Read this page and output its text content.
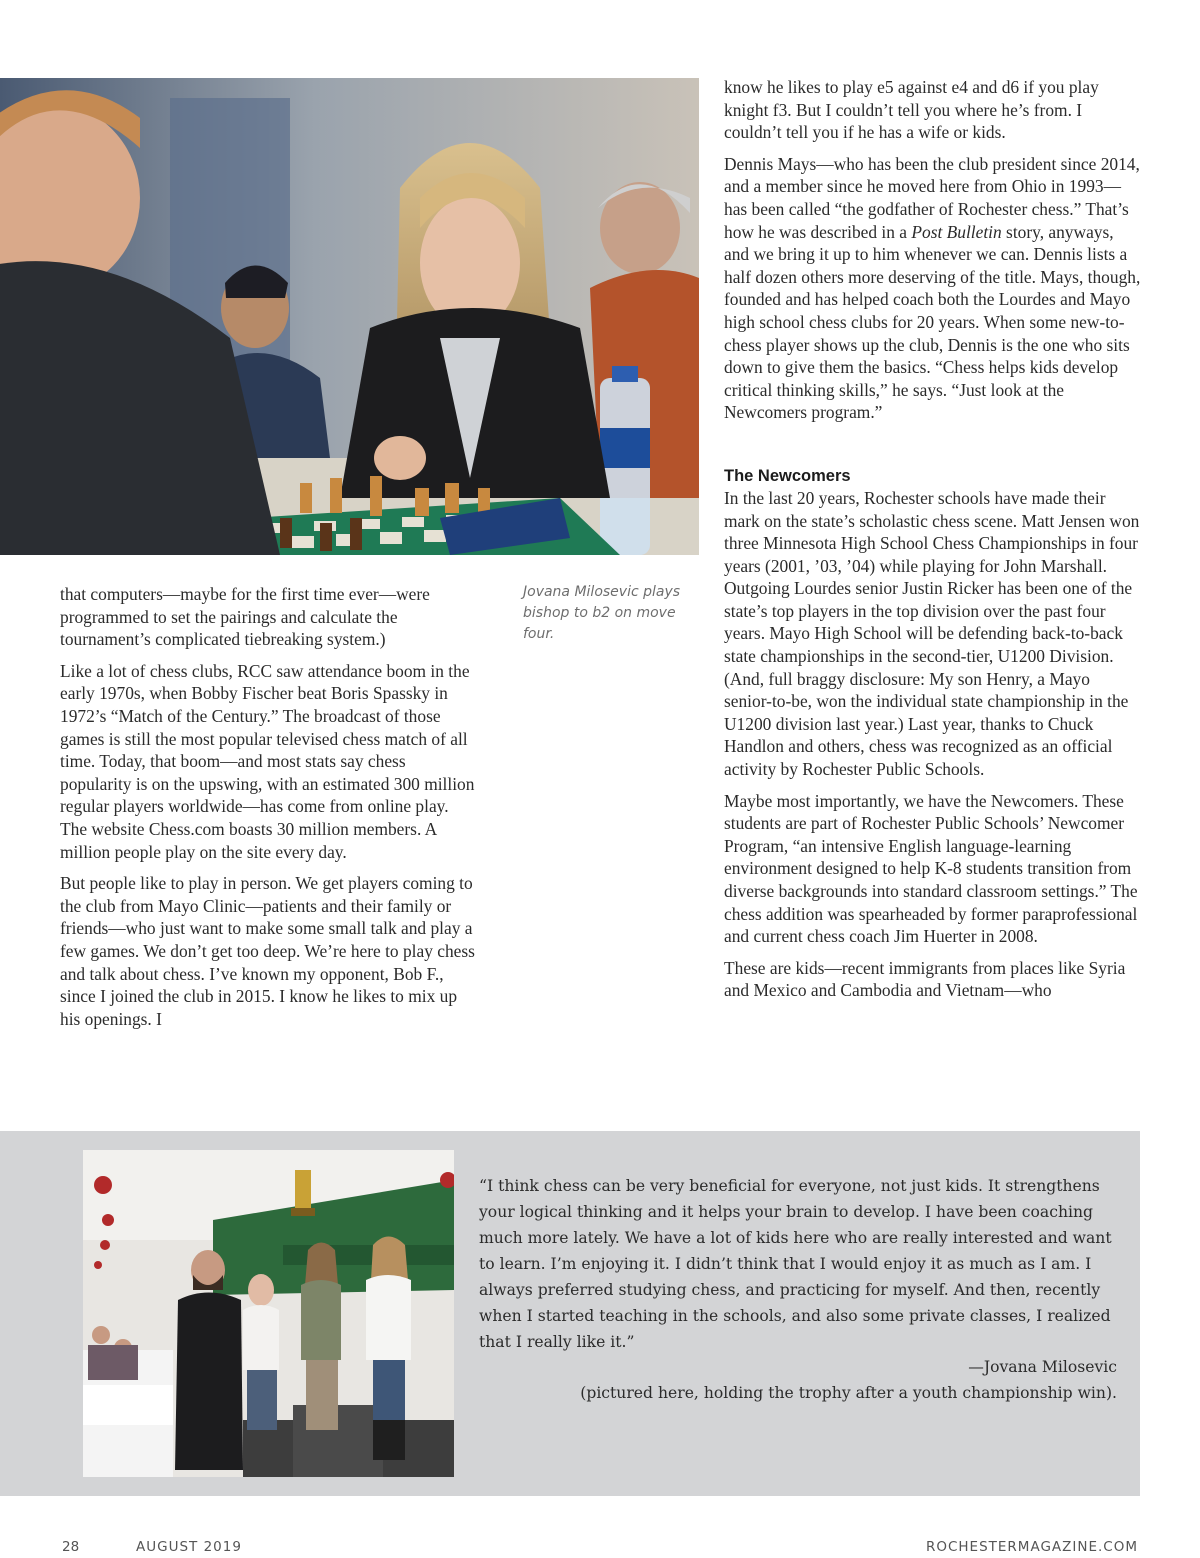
Jovana Milosevic plays bishop to b2 on move four.

that computers—maybe for the first time ever—were programmed to set the pairings and calculate the tournament’s complicated tiebreaking system.)

Like a lot of chess clubs, RCC saw attendance boom in the early 1970s, when Bobby Fischer beat Boris Spassky in 1972’s “Match of the Century.” The broadcast of those games is still the most popular televised chess match of all time. Today, that boom—and most stats say chess popularity is on the upswing, with an estimated 300 million regular players worldwide—has come from online play. The website Chess.com boasts 30 million members. A million people play on the site every day.

But people like to play in person. We get players coming to the club from Mayo Clinic—patients and their family or friends—who just want to make some small talk and play a few games. We don’t get too deep. We’re here to play chess and talk about chess. I’ve known my opponent, Bob F., since I joined the club in 2015. I know he likes to mix up his openings. I

know he likes to play e5 against e4 and d6 if you play knight f3. But I couldn’t tell you where he’s from. I couldn’t tell you if he has a wife or kids.

Dennis Mays—who has been the club president since 2014, and a member since he moved here from Ohio in 1993—has been called “the godfather of Rochester chess.” That’s how he was described in a Post Bulletin story, anyways, and we bring it up to him whenever we can. Dennis lists a half dozen others more deserving of the title. Mays, though, founded and has helped coach both the Lourdes and Mayo high school chess clubs for 20 years. When some new-to-chess player shows up the club, Dennis is the one who sits down to give them the basics. “Chess helps kids develop critical thinking skills,” he says. “Just look at the Newcomers program.”

The Newcomers

In the last 20 years, Rochester schools have made their mark on the state’s scholastic chess scene. Matt Jensen won three Minnesota High School Chess Championships in four years (2001, ’03, ’04) while playing for John Marshall. Outgoing Lourdes senior Justin Ricker has been one of the state’s top players in the top division over the past four years. Mayo High School will be defending back-to-back state championships in the second-tier, U1200 Division. (And, full braggy disclosure: My son Henry, a Mayo senior-to-be, won the individual state championship in the U1200 division last year.) Last year, thanks to Chuck Handlon and others, chess was recognized as an official activity by Rochester Public Schools.

Maybe most importantly, we have the Newcomers. These students are part of Rochester Public Schools’ Newcomer Program, “an intensive English language-learning environment designed to help K-8 students transition from diverse backgrounds into standard classroom settings.” The chess addition was spearheaded by former paraprofessional and current chess coach Jim Huerter in 2008.

These are kids—recent immigrants from places like Syria and Mexico and Cambodia and Vietnam—who

“I think chess can be very beneficial for everyone, not just kids. It strengthens your logical thinking and it helps your brain to develop. I have been coaching much more lately. We have a lot of kids here who are really interested and want to learn. I’m enjoying it. I didn’t think that I would enjoy it as much as I am. I always preferred studying chess, and practicing for myself. And then, recently when I started teaching in the schools, and also some private classes, I realized that I really like it.”

—Jovana Milosevic
(pictured here, holding the trophy after a youth championship win).
28	AUGUST 2019	ROCHESTERMAGAZINE.COM
